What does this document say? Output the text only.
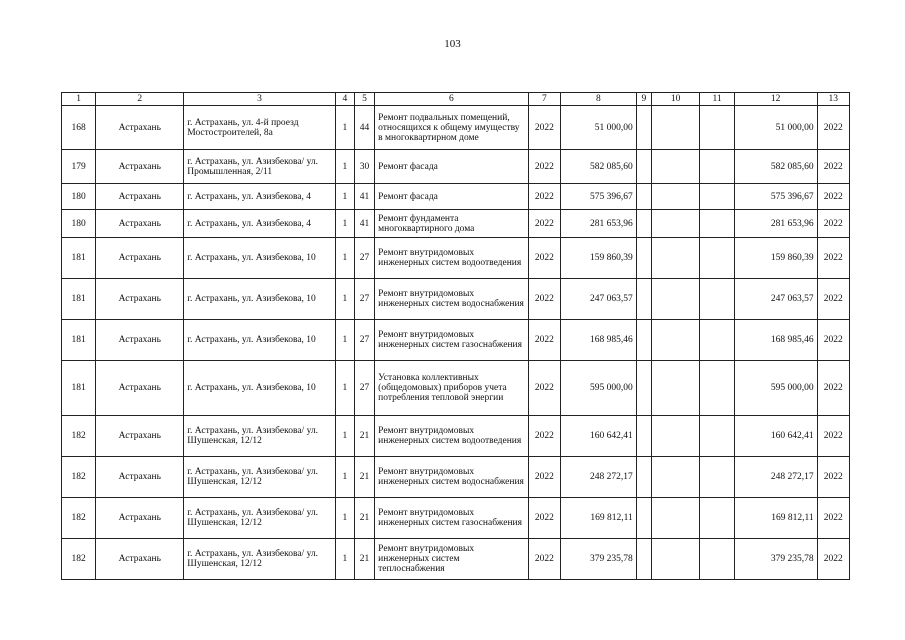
103
1	2	3	4	5	6	7	8	9	10	11	12	13
168	Астрахань	г. Астрахань, ул. 4-й проезд Мостостроителей, 8а	1	44	Ремонт подвальных помещений, относящихся к общему имуществу в многоквартирном доме	2022	51 000,00				51 000,00	2022
179	Астрахань	г. Астрахань, ул. Азизбекова/ ул. Промышленная, 2/11	1	30	Ремонт фасада	2022	582 085,60				582 085,60	2022
180	Астрахань	г. Астрахань, ул. Азизбекова, 4	1	41	Ремонт фасада	2022	575 396,67				575 396,67	2022
180	Астрахань	г. Астрахань, ул. Азизбекова, 4	1	41	Ремонт фундамента многоквартирного дома	2022	281 653,96				281 653,96	2022
181	Астрахань	г. Астрахань, ул. Азизбекова, 10	1	27	Ремонт внутридомовых инженерных систем водоотведения	2022	159 860,39				159 860,39	2022
181	Астрахань	г. Астрахань, ул. Азизбекова, 10	1	27	Ремонт внутридомовых инженерных систем водоснабжения	2022	247 063,57				247 063,57	2022
181	Астрахань	г. Астрахань, ул. Азизбекова, 10	1	27	Ремонт внутридомовых инженерных систем газоснабжения	2022	168 985,46				168 985,46	2022
181	Астрахань	г. Астрахань, ул. Азизбекова, 10	1	27	Установка коллективных (общедомовых) приборов учета потребления тепловой энергии	2022	595 000,00				595 000,00	2022
182	Астрахань	г. Астрахань, ул. Азизбекова/ ул. Шушенская, 12/12	1	21	Ремонт внутридомовых инженерных систем водоотведения	2022	160 642,41				160 642,41	2022
182	Астрахань	г. Астрахань, ул. Азизбекова/ ул. Шушенская, 12/12	1	21	Ремонт внутридомовых инженерных систем водоснабжения	2022	248 272,17				248 272,17	2022
182	Астрахань	г. Астрахань, ул. Азизбекова/ ул. Шушенская, 12/12	1	21	Ремонт внутридомовых инженерных систем газоснабжения	2022	169 812,11				169 812,11	2022
182	Астрахань	г. Астрахань, ул. Азизбекова/ ул. Шушенская, 12/12	1	21	Ремонт внутридомовых инженерных систем теплоснабжения	2022	379 235,78				379 235,78	2022
